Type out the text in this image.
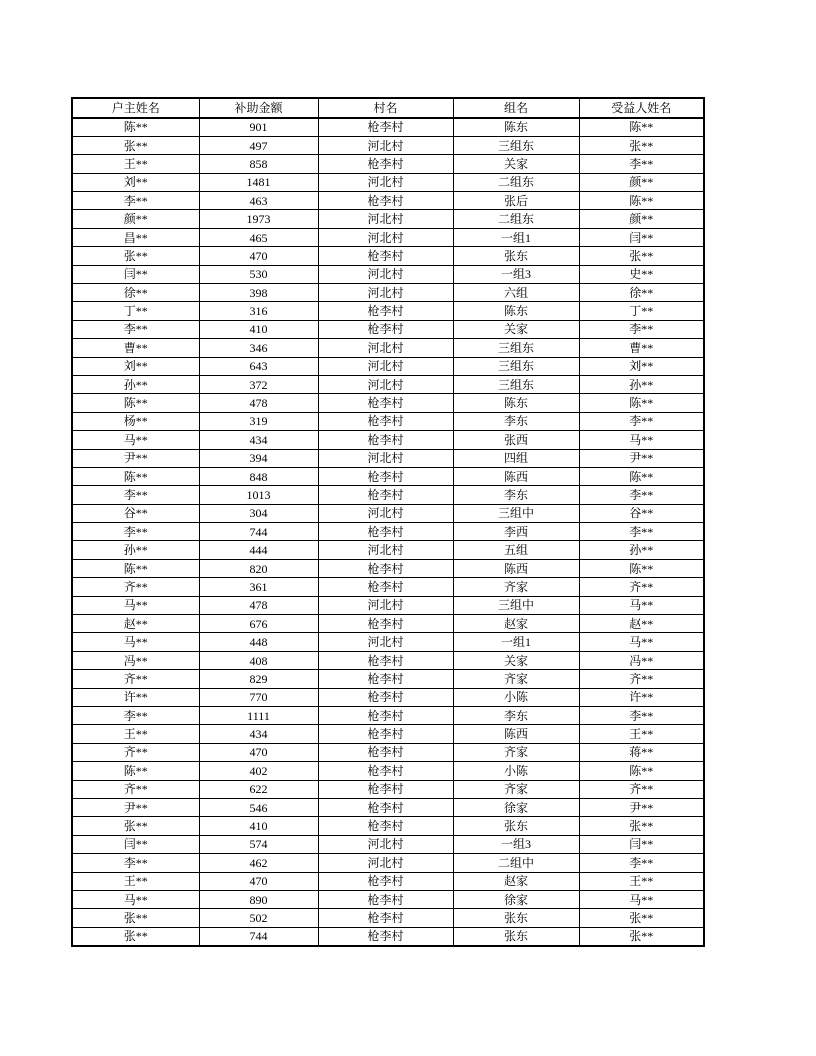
户主姓名	补助金额	村名	组名	受益人姓名
陈**	901	枪李村	陈东	陈**
张**	497	河北村	三组东	张**
王**	858	枪李村	关家	李**
刘**	1481	河北村	二组东	颜**
李**	463	枪李村	张后	陈**
颜**	1973	河北村	二组东	颜**
昌**	465	河北村	一组1	闫**
张**	470	枪李村	张东	张**
闫**	530	河北村	一组3	史**
徐**	398	河北村	六组	徐**
丁**	316	枪李村	陈东	丁**
李**	410	枪李村	关家	李**
曹**	346	河北村	三组东	曹**
刘**	643	河北村	三组东	刘**
孙**	372	河北村	三组东	孙**
陈**	478	枪李村	陈东	陈**
杨**	319	枪李村	李东	李**
马**	434	枪李村	张西	马**
尹**	394	河北村	四组	尹**
陈**	848	枪李村	陈西	陈**
李**	1013	枪李村	李东	李**
谷**	304	河北村	三组中	谷**
李**	744	枪李村	李西	李**
孙**	444	河北村	五组	孙**
陈**	820	枪李村	陈西	陈**
齐**	361	枪李村	齐家	齐**
马**	478	河北村	三组中	马**
赵**	676	枪李村	赵家	赵**
马**	448	河北村	一组1	马**
冯**	408	枪李村	关家	冯**
齐**	829	枪李村	齐家	齐**
许**	770	枪李村	小陈	许**
李**	1111	枪李村	李东	李**
王**	434	枪李村	陈西	王**
齐**	470	枪李村	齐家	蒋**
陈**	402	枪李村	小陈	陈**
齐**	622	枪李村	齐家	齐**
尹**	546	枪李村	徐家	尹**
张**	410	枪李村	张东	张**
闫**	574	河北村	一组3	闫**
李**	462	河北村	二组中	李**
王**	470	枪李村	赵家	王**
马**	890	枪李村	徐家	马**
张**	502	枪李村	张东	张**
张**	744	枪李村	张东	张**
